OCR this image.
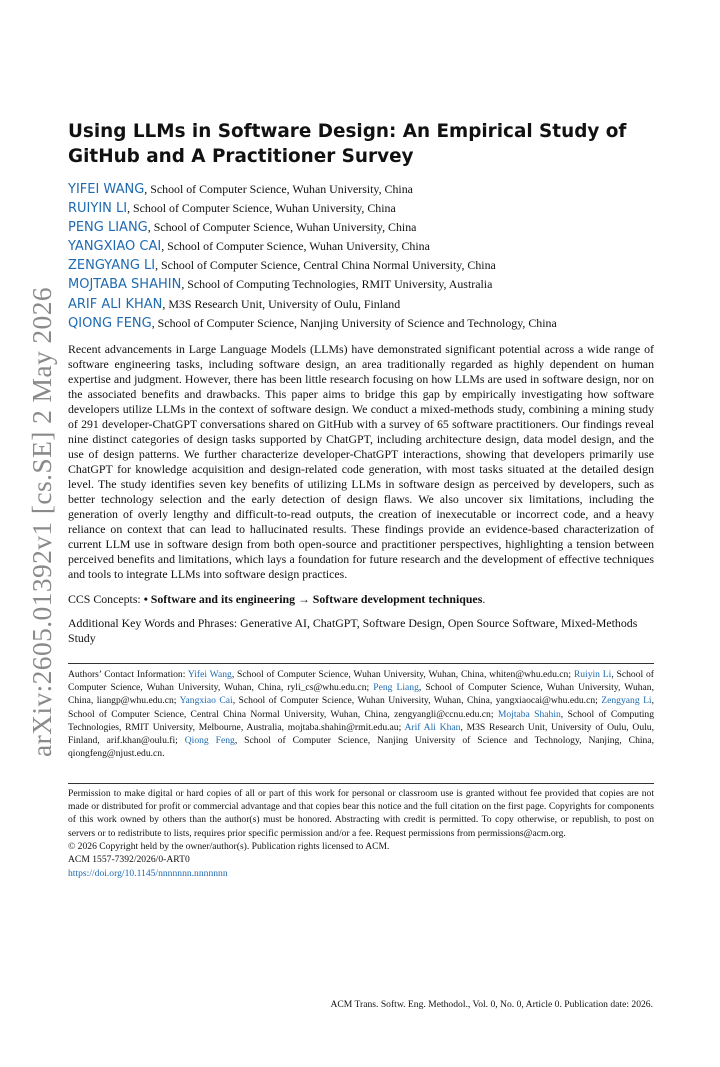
arXiv:2605.01392v1 [cs.SE] 2 May 2026
Using LLMs in Software Design: An Empirical Study of GitHub and A Practitioner Survey
YIFEI WANG, School of Computer Science, Wuhan University, China
RUIYIN LI, School of Computer Science, Wuhan University, China
PENG LIANG, School of Computer Science, Wuhan University, China
YANGXIAO CAI, School of Computer Science, Wuhan University, China
ZENGYANG LI, School of Computer Science, Central China Normal University, China
MOJTABA SHAHIN, School of Computing Technologies, RMIT University, Australia
ARIF ALI KHAN, M3S Research Unit, University of Oulu, Finland
QIONG FENG, School of Computer Science, Nanjing University of Science and Technology, China

Recent advancements in Large Language Models (LLMs) have demonstrated significant potential across a wide range of software engineering tasks, including software design, an area traditionally regarded as highly dependent on human expertise and judgment. However, there has been little research focusing on how LLMs are used in software design, nor on the associated benefits and drawbacks. This paper aims to bridge this gap by empirically investigating how software developers utilize LLMs in the context of software design. We conduct a mixed-methods study, combining a mining study of 291 developer-ChatGPT conversations shared on GitHub with a survey of 65 software practitioners. Our findings reveal nine distinct categories of design tasks supported by ChatGPT, including architecture design, data model design, and the use of design patterns. We further characterize developer-ChatGPT interactions, showing that developers primarily use ChatGPT for knowledge acquisition and design-related code generation, with most tasks situated at the detailed design level. The study identifies seven key benefits of utilizing LLMs in software design as perceived by developers, such as better technology selection and the early detection of design flaws. We also uncover six limitations, including the generation of overly lengthy and difficult-to-read outputs, the creation of inexecutable or incorrect code, and a heavy reliance on context that can lead to hallucinated results. These findings provide an evidence-based characterization of current LLM use in software design from both open-source and practitioner perspectives, highlighting a tension between perceived benefits and limitations, which lays a foundation for future research and the development of effective techniques and tools to integrate LLMs into software design practices.

CCS Concepts: • Software and its engineering → Software development techniques.

Additional Key Words and Phrases: Generative AI, ChatGPT, Software Design, Open Source Software, Mixed-Methods Study

Authors’ Contact Information: Yifei Wang, School of Computer Science, Wuhan University, Wuhan, China, whiten@whu.edu.cn; Ruiyin Li, School of Computer Science, Wuhan University, Wuhan, China, ryli_cs@whu.edu.cn; Peng Liang, School of Computer Science, Wuhan University, Wuhan, China, liangp@whu.edu.cn; Yangxiao Cai, School of Computer Science, Wuhan University, Wuhan, China, yangxiaocai@whu.edu.cn; Zengyang Li, School of Computer Science, Central China Normal University, Wuhan, China, zengyangli@ccnu.edu.cn; Mojtaba Shahin, School of Computing Technologies, RMIT University, Melbourne, Australia, mojtaba.shahin@rmit.edu.au; Arif Ali Khan, M3S Research Unit, University of Oulu, Oulu, Finland, arif.khan@oulu.fi; Qiong Feng, School of Computer Science, Nanjing University of Science and Technology, Nanjing, China, qiongfeng@njust.edu.cn.

Permission to make digital or hard copies of all or part of this work for personal or classroom use is granted without fee provided that copies are not made or distributed for profit or commercial advantage and that copies bear this notice and the full citation on the first page. Copyrights for components of this work owned by others than the author(s) must be honored. Abstracting with credit is permitted. To copy otherwise, or republish, to post on servers or to redistribute to lists, requires prior specific permission and/or a fee. Request permissions from permissions@acm.org.

© 2026 Copyright held by the owner/author(s). Publication rights licensed to ACM.
ACM 1557-7392/2026/0-ART0
https://doi.org/10.1145/nnnnnnn.nnnnnnn
ACM Trans. Softw. Eng. Methodol., Vol. 0, No. 0, Article 0. Publication date: 2026.
